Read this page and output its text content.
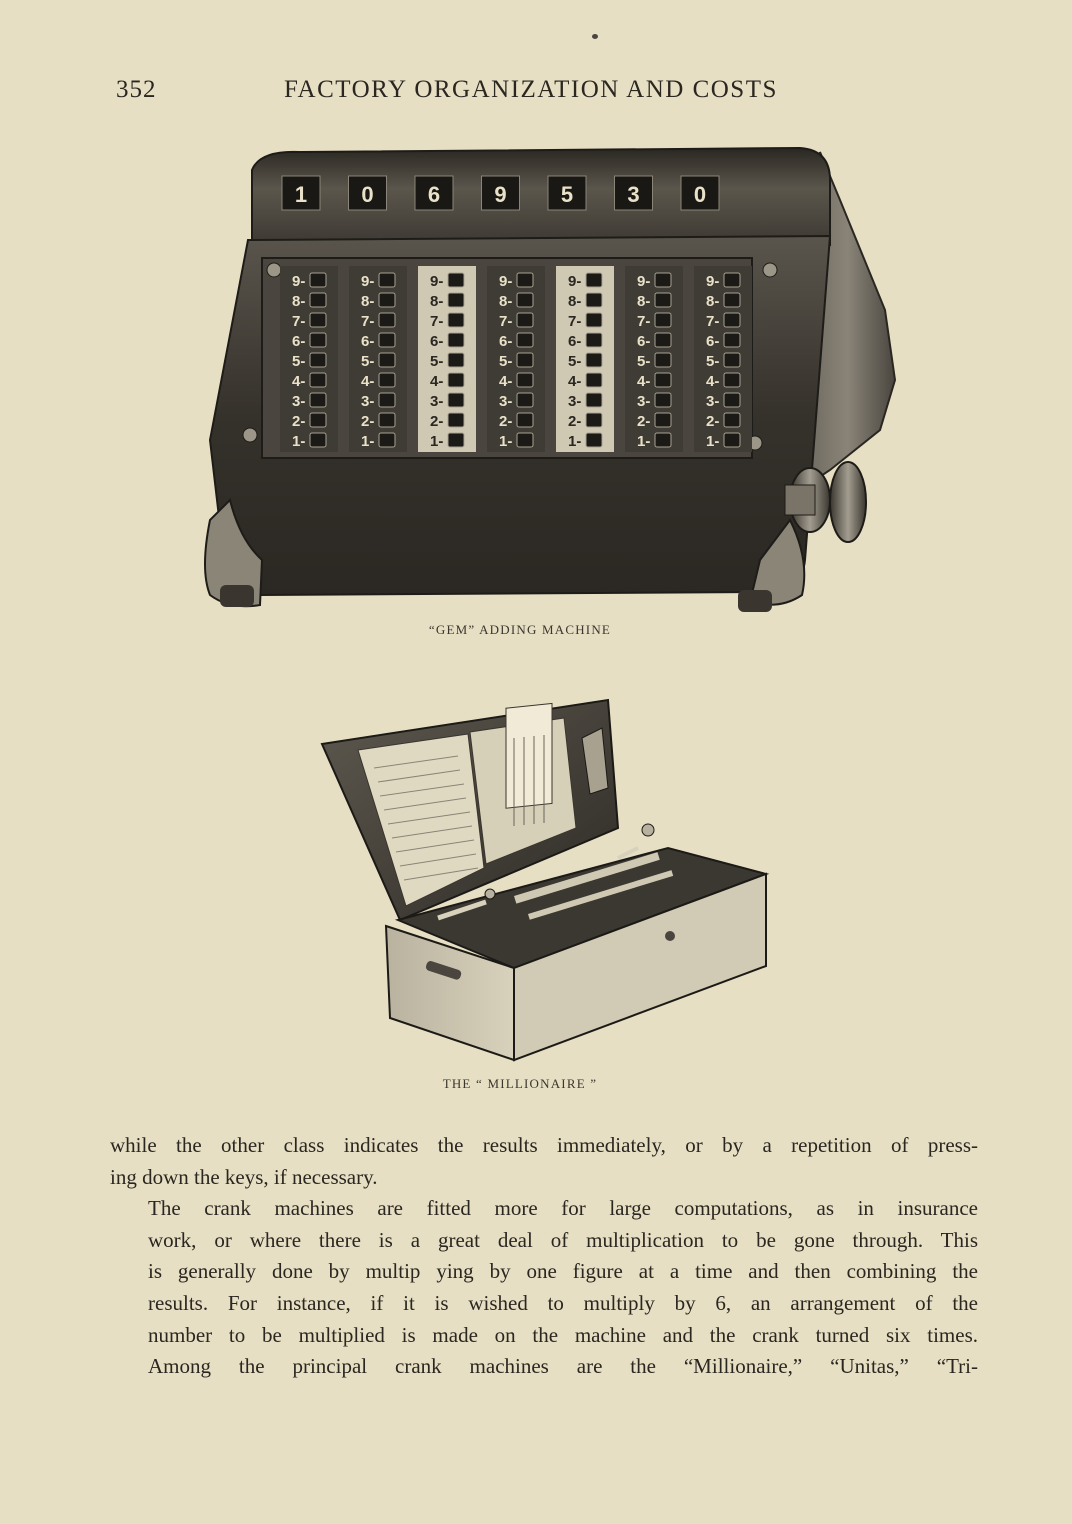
352	FACTORY ORGANIZATION AND COSTS
1 0 6 9 5 3 0
9-
8-
7-
6-
5-
4-
3-
2-
1-
9-
8-
7-
6-
5-
4-
3-
2-
1-
9-
8-
7-
6-
5-
4-
3-
2-
1-
9-
8-
7-
6-
5-
4-
3-
2-
1-
9-
8-
7-
6-
5-
4-
3-
2-
1-
9-
8-
7-
6-
5-
4-
3-
2-
1-
9-
8-
7-
6-
5-
4-
3-
2-
1-
“GEM” ADDING MACHINE
THE “ MILLIONAIRE ”

while the other class indicates the results immediately, or by a repetition of press-
ing down the keys, if necessary.

The crank machines are fitted more for large computations, as in insurance
work, or where there is a great deal of multiplication to be gone through. This
is generally done by multip ying by one figure at a time and then combining the
results. For instance, if it is wished to multiply by 6, an arrangement of the
number to be multiplied is made on the machine and the crank turned six times.

Among the principal crank machines are the “Millionaire,” “Unitas,” “Tri-
